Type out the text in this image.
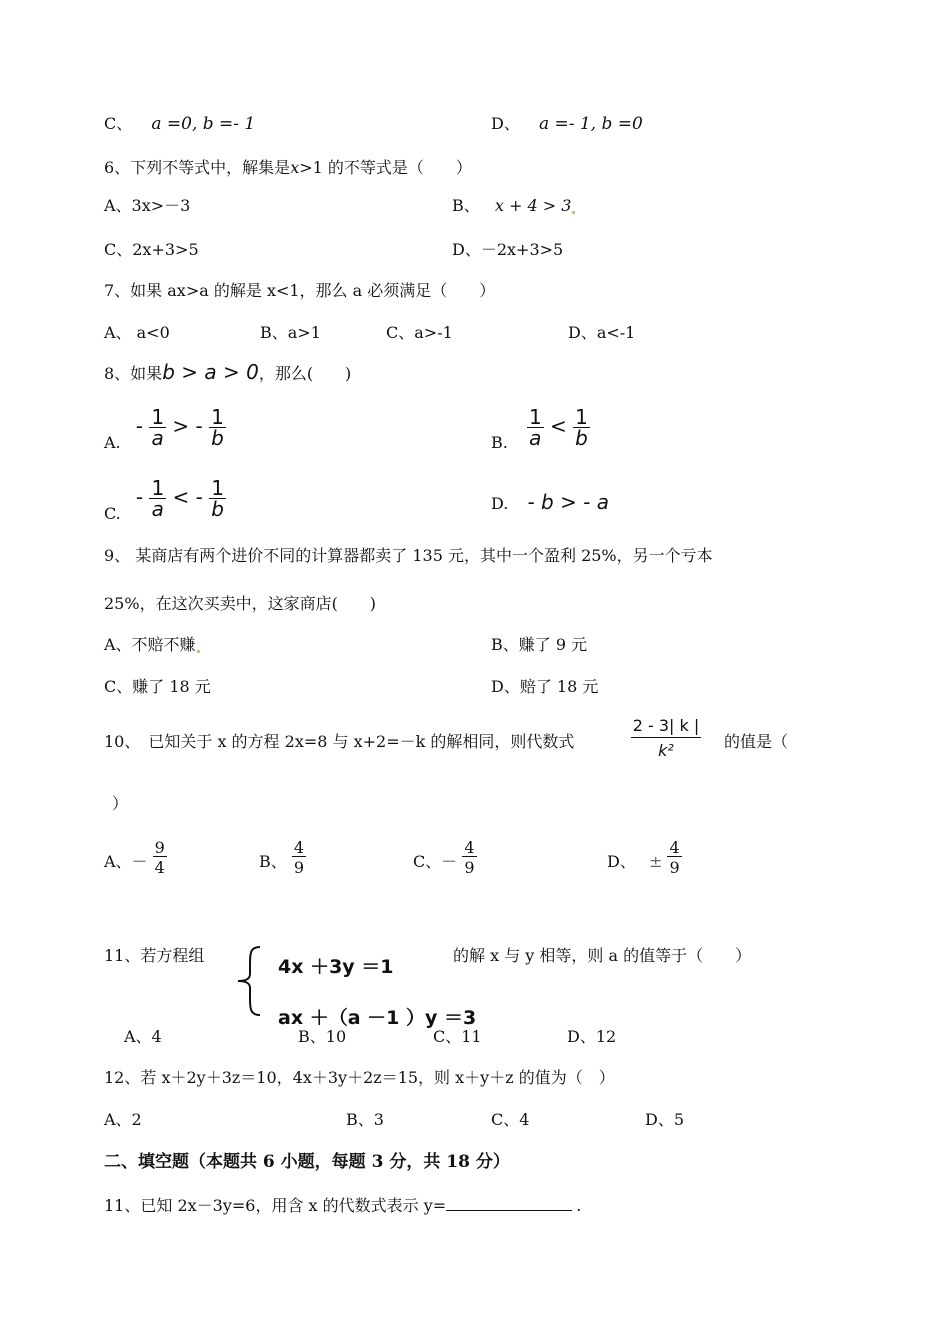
C、 a =0, b =- 1	D、 a =- 1, b =0
6、下列不等式中，解集是x>1 的不等式是（　　）
A、3x>－3	B、 x + 4 > 3
C、2x+3>5	D、－2x+3>5
7、如果 ax>a 的解是 x<1，那么 a 必须满足（　　）
A、 a<0	B、a>1	C、a>-1	D、a<-1
8、如果b > a > 0，那么(　　)
A. - $\frac{1}{a}$ > - $\frac{1}{b}$	B. $\frac{1}{a} < \frac{1}{b}$
C. - $\frac{1}{a}$ < - $\frac{1}{b}$	D. - b > - a
9、 某商店有两个进价不同的计算器都卖了 135 元，其中一个盈利 25%，另一个亏本
25%，在这次买卖中，这家商店(　　)
A、不赔不赚	B、赚了 9 元
C、赚了 18 元	D、赔了 18 元
10、　已知关于 x 的方程 2x=8 与 x+2=－k 的解相同，则代数式	$\frac{2 - 3| k |}{\text{k²}}$ 的值是（
）
A、－ $\frac{9}{4}$	B、 $\frac{4}{9}$	C、－ $\frac{4}{9}$	D、 ± $\frac{4}{9}$
11、若方程组
4x ＋3y ＝1
ax ＋（a －1 ）y ＝3
的解 x 与 y 相等，则 a 的值等于（　　）
A、4	B、10	C、11	D、12
12、若 x＋2y＋3z＝10，4x＋3y＋2z＝15，则 x＋y＋z 的值为（　）
A、2	B、3	C、4	D、5
二、填空题（本题共 6 小题，每题 3 分，共 18 分）
11、已知 2x－3y=6，用含 x 的代数式表示 y=	.
